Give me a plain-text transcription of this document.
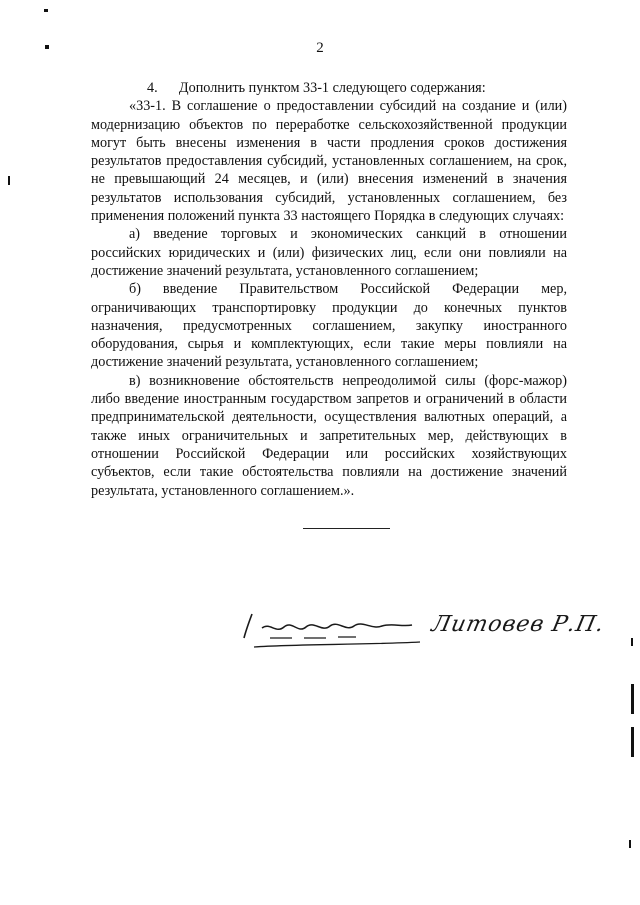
2

4.      Дополнить пунктом 33-1 следующего содержания:

«33-1. В соглашение о предоставлении субсидий на создание и (или) модернизацию объектов по переработке сельскохозяйственной продукции могут быть внесены изменения в части продления сроков достижения результатов предоставления субсидий, установленных соглашением, на срок, не превышающий 24 месяцев, и (или) внесения изменений в значения результатов использования субсидий, установленных соглашением, без применения положений пункта 33 настоящего Порядка в следующих случаях:

а) введение торговых и экономических санкций в отношении российских юридических и (или) физических лиц, если они повлияли на достижение значений результата, установленного соглашением;

б) введение Правительством Российской Федерации мер, ограничивающих транспортировку продукции до конечных пунктов назначения, предусмотренных соглашением, закупку иностранного оборудования, сырья и комплектующих, если такие меры повлияли на достижение значений результата, установленного соглашением;

в) возникновение обстоятельств непреодолимой силы (форс-мажор) либо введение иностранным государством запретов и ограничений в области предпринимательской деятельности, осуществления валютных операций, а также иных ограничительных и запретительных мер, действующих в отношении Российской Федерации или российских хозяйствующих субъектов, если такие обстоятельства повлияли на достижение значений результата, установленного соглашением.».

Литовев Р.П.
